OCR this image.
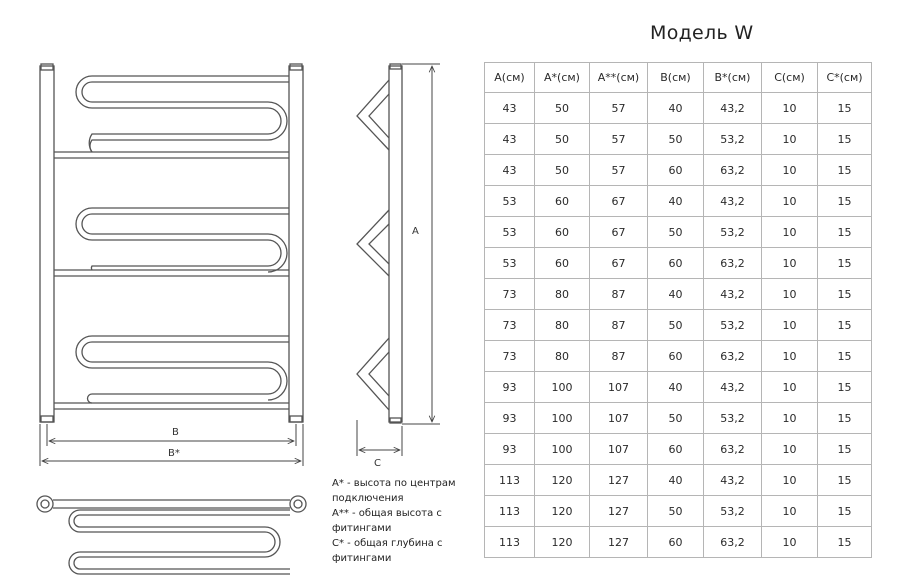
Модель W
B
B*
A
C
A* - высота по центрам
подключения
A** - общая высота с
фитингами
C* - общая глубина с
фитингами
A(см)	A*(см)	A**(см)	B(см)	B*(см)	C(см)	C*(см)
43	50	57	40	43,2	10	15
43	50	57	50	53,2	10	15
43	50	57	60	63,2	10	15
53	60	67	40	43,2	10	15
53	60	67	50	53,2	10	15
53	60	67	60	63,2	10	15
73	80	87	40	43,2	10	15
73	80	87	50	53,2	10	15
73	80	87	60	63,2	10	15
93	100	107	40	43,2	10	15
93	100	107	50	53,2	10	15
93	100	107	60	63,2	10	15
113	120	127	40	43,2	10	15
113	120	127	50	53,2	10	15
113	120	127	60	63,2	10	15
